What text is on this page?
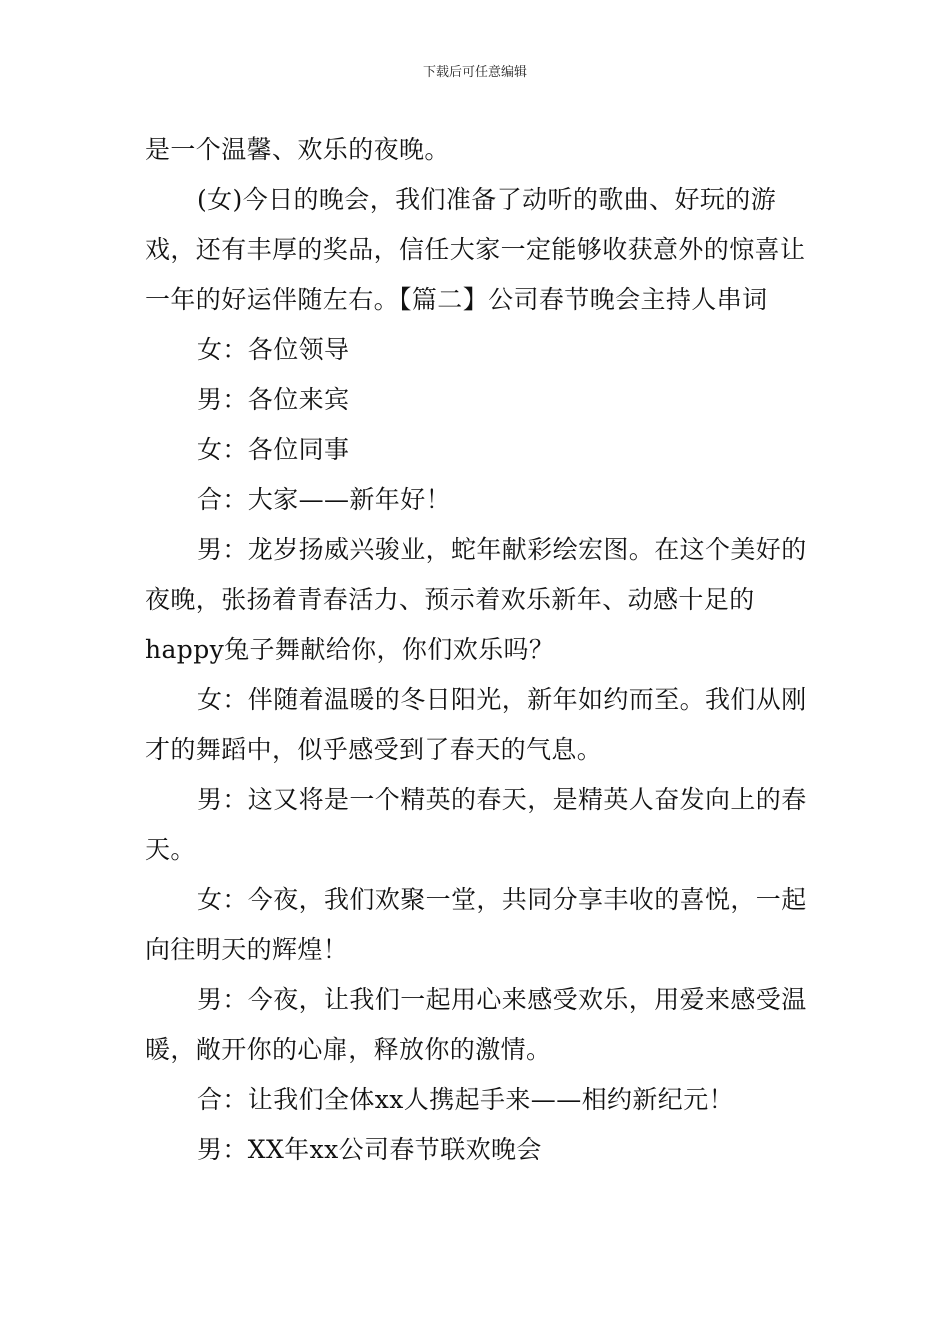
下载后可任意编辑

是一个温馨、欢乐的夜晚。

(女)今日的晚会，我们准备了动听的歌曲、好玩的游戏，还有丰厚的奖品，信任大家一定能够收获意外的惊喜让一年的好运伴随左右。【篇二】公司春节晚会主持人串词

女：各位领导

男：各位来宾

女：各位同事

合：大家——新年好！

男：龙岁扬威兴骏业，蛇年献彩绘宏图。在这个美好的夜晚，张扬着青春活力、预示着欢乐新年、动感十足的happy兔子舞献给你，你们欢乐吗？

女：伴随着温暖的冬日阳光，新年如约而至。我们从刚才的舞蹈中，似乎感受到了春天的气息。

男：这又将是一个精英的春天，是精英人奋发向上的春天。

女：今夜，我们欢聚一堂，共同分享丰收的喜悦，一起向往明天的辉煌！

男：今夜，让我们一起用心来感受欢乐，用爱来感受温暖，敞开你的心扉，释放你的激情。

合：让我们全体xx人携起手来——相约新纪元！

男：XX年xx公司春节联欢晚会
